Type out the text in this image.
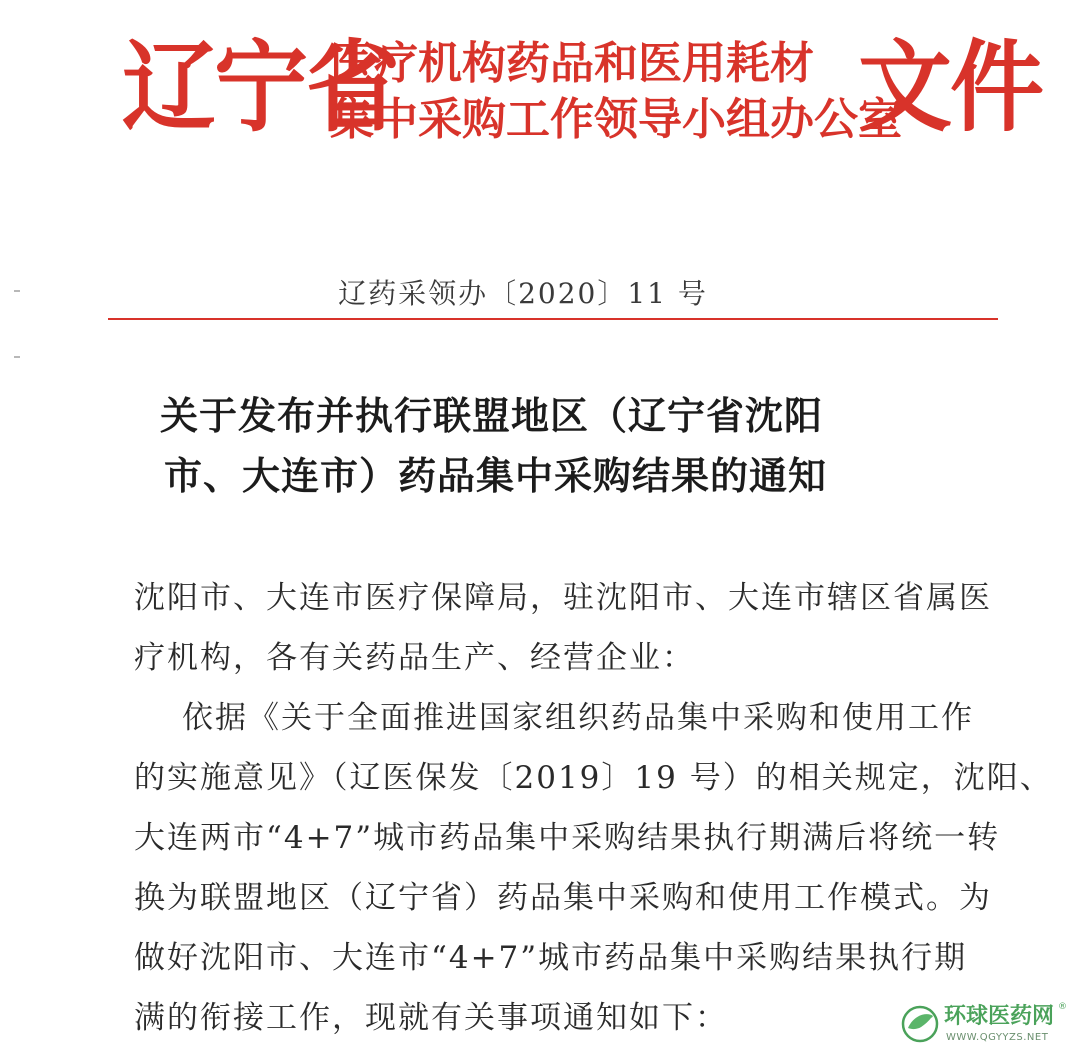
辽宁省
医疗机构药品和医用耗材
集中采购工作领导小组办公室
文件
辽药采领办〔2020〕11 号
关于发布并执行联盟地区（辽宁省沈阳
市、大连市）药品集中采购结果的通知
沈阳市、大连市医疗保障局，驻沈阳市、大连市辖区省属医
疗机构，各有关药品生产、经营企业：
依据《关于全面推进国家组织药品集中采购和使用工作
的实施意见》（辽医保发〔2019〕19 号）的相关规定，沈阳、
大连两市“4+7”城市药品集中采购结果执行期满后将统一转
换为联盟地区（辽宁省）药品集中采购和使用工作模式。为
做好沈阳市、大连市“4+7”城市药品集中采购结果执行期
满的衔接工作，现就有关事项通知如下：	环球医药网 ®
WWW.QGYYZS.NET
